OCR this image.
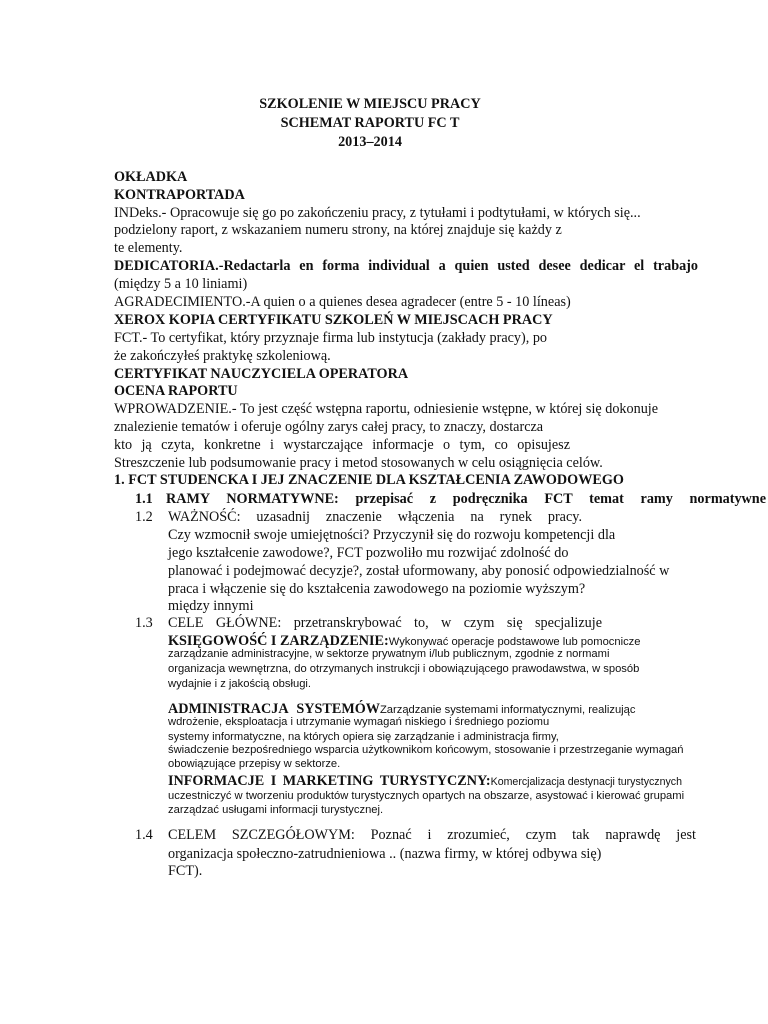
SZKOLENIE W MIEJSCU PRACY
SCHEMAT RAPORTU FC T
2013–2014
OKŁADKA
KONTRAPORTADA
INDeks.- Opracowuje się go po zakończeniu pracy, z tytułami i podtytułami, w których się...
podzielony raport, z wskazaniem numeru strony, na której znajduje się każdy z
te elementy.
DEDICATORIA.-Redactarla en forma individual a quien usted desee dedicar el trabajo
(między 5 a 10 liniami)
AGRADECIMIENTO.-A quien o a quienes desea agradecer (entre 5 - 10 líneas)
XEROX KOPIA CERTYFIKATU SZKOLEŃ W MIEJSCACH PRACY
FCT.- To certyfikat, który przyznaje firma lub instytucja (zakłady pracy), po
że zakończyłeś praktykę szkoleniową.
CERTYFIKAT NAUCZYCIELA OPERATORA
OCENA RAPORTU
WPROWADZENIE.- To jest część wstępna raportu, odniesienie wstępne, w której się dokonuje
znalezienie tematów i oferuje ogólny zarys całej pracy, to znaczy, dostarcza
kto ją czyta, konkretne i wystarczające informacje o tym, co opisujesz
Streszczenie lub podsumowanie pracy i metod stosowanych w celu osiągnięcia celów.
1. FCT STUDENCKA I JEJ ZNACZENIE DLA KSZTAŁCENIA ZAWODOWEGO
1.1 RAMY NORMATYWNE: przepisać z podręcznika FCT temat ramy normatywne
1.2 WAŻNOŚĆ: uzasadnij znaczenie włączenia na rynek pracy.
Czy wzmocnił swoje umiejętności? Przyczynił się do rozwoju kompetencji dla
jego kształcenie zawodowe?, FCT pozwoliło mu rozwijać zdolność do
planować i podejmować decyzje?, został uformowany, aby ponosić odpowiedzialność w
praca i włączenie się do kształcenia zawodowego na poziomie wyższym?
między innymi
1.3 CELE GŁÓWNE: przetranskrybować to, w czym się specjalizuje
KSIĘGOWOŚĆ I ZARZĄDZENIE:Wykonywać operacje podstawowe lub pomocnicze
zarządzanie administracyjne, w sektorze prywatnym i/lub publicznym, zgodnie z normami
organizacja wewnętrzna, do otrzymanych instrukcji i obowiązującego prawodawstwa, w sposób
wydajnie i z jakością obsługi.
ADMINISTRACJA SYSTEMÓWZarządzanie systemami informatycznymi, realizując
wdrożenie, eksploatacja i utrzymanie wymagań niskiego i średniego poziomu
systemy informatyczne, na których opiera się zarządzanie i administracja firmy,
świadczenie bezpośredniego wsparcia użytkownikom końcowym, stosowanie i przestrzeganie wymagań
obowiązujące przepisy w sektorze.
INFORMACJE I MARKETING TURYSTYCZNY:Komercjalizacja destynacji turystycznych
uczestniczyć w tworzeniu produktów turystycznych opartych na obszarze, asystować i kierować grupami
zarządzać usługami informacji turystycznej.
1.4 CELEM SZCZEGÓŁOWYM: Poznać i zrozumieć, czym tak naprawdę jest
organizacja społeczno-zatrudnieniowa .. (nazwa firmy, w której odbywa się)
FCT).
